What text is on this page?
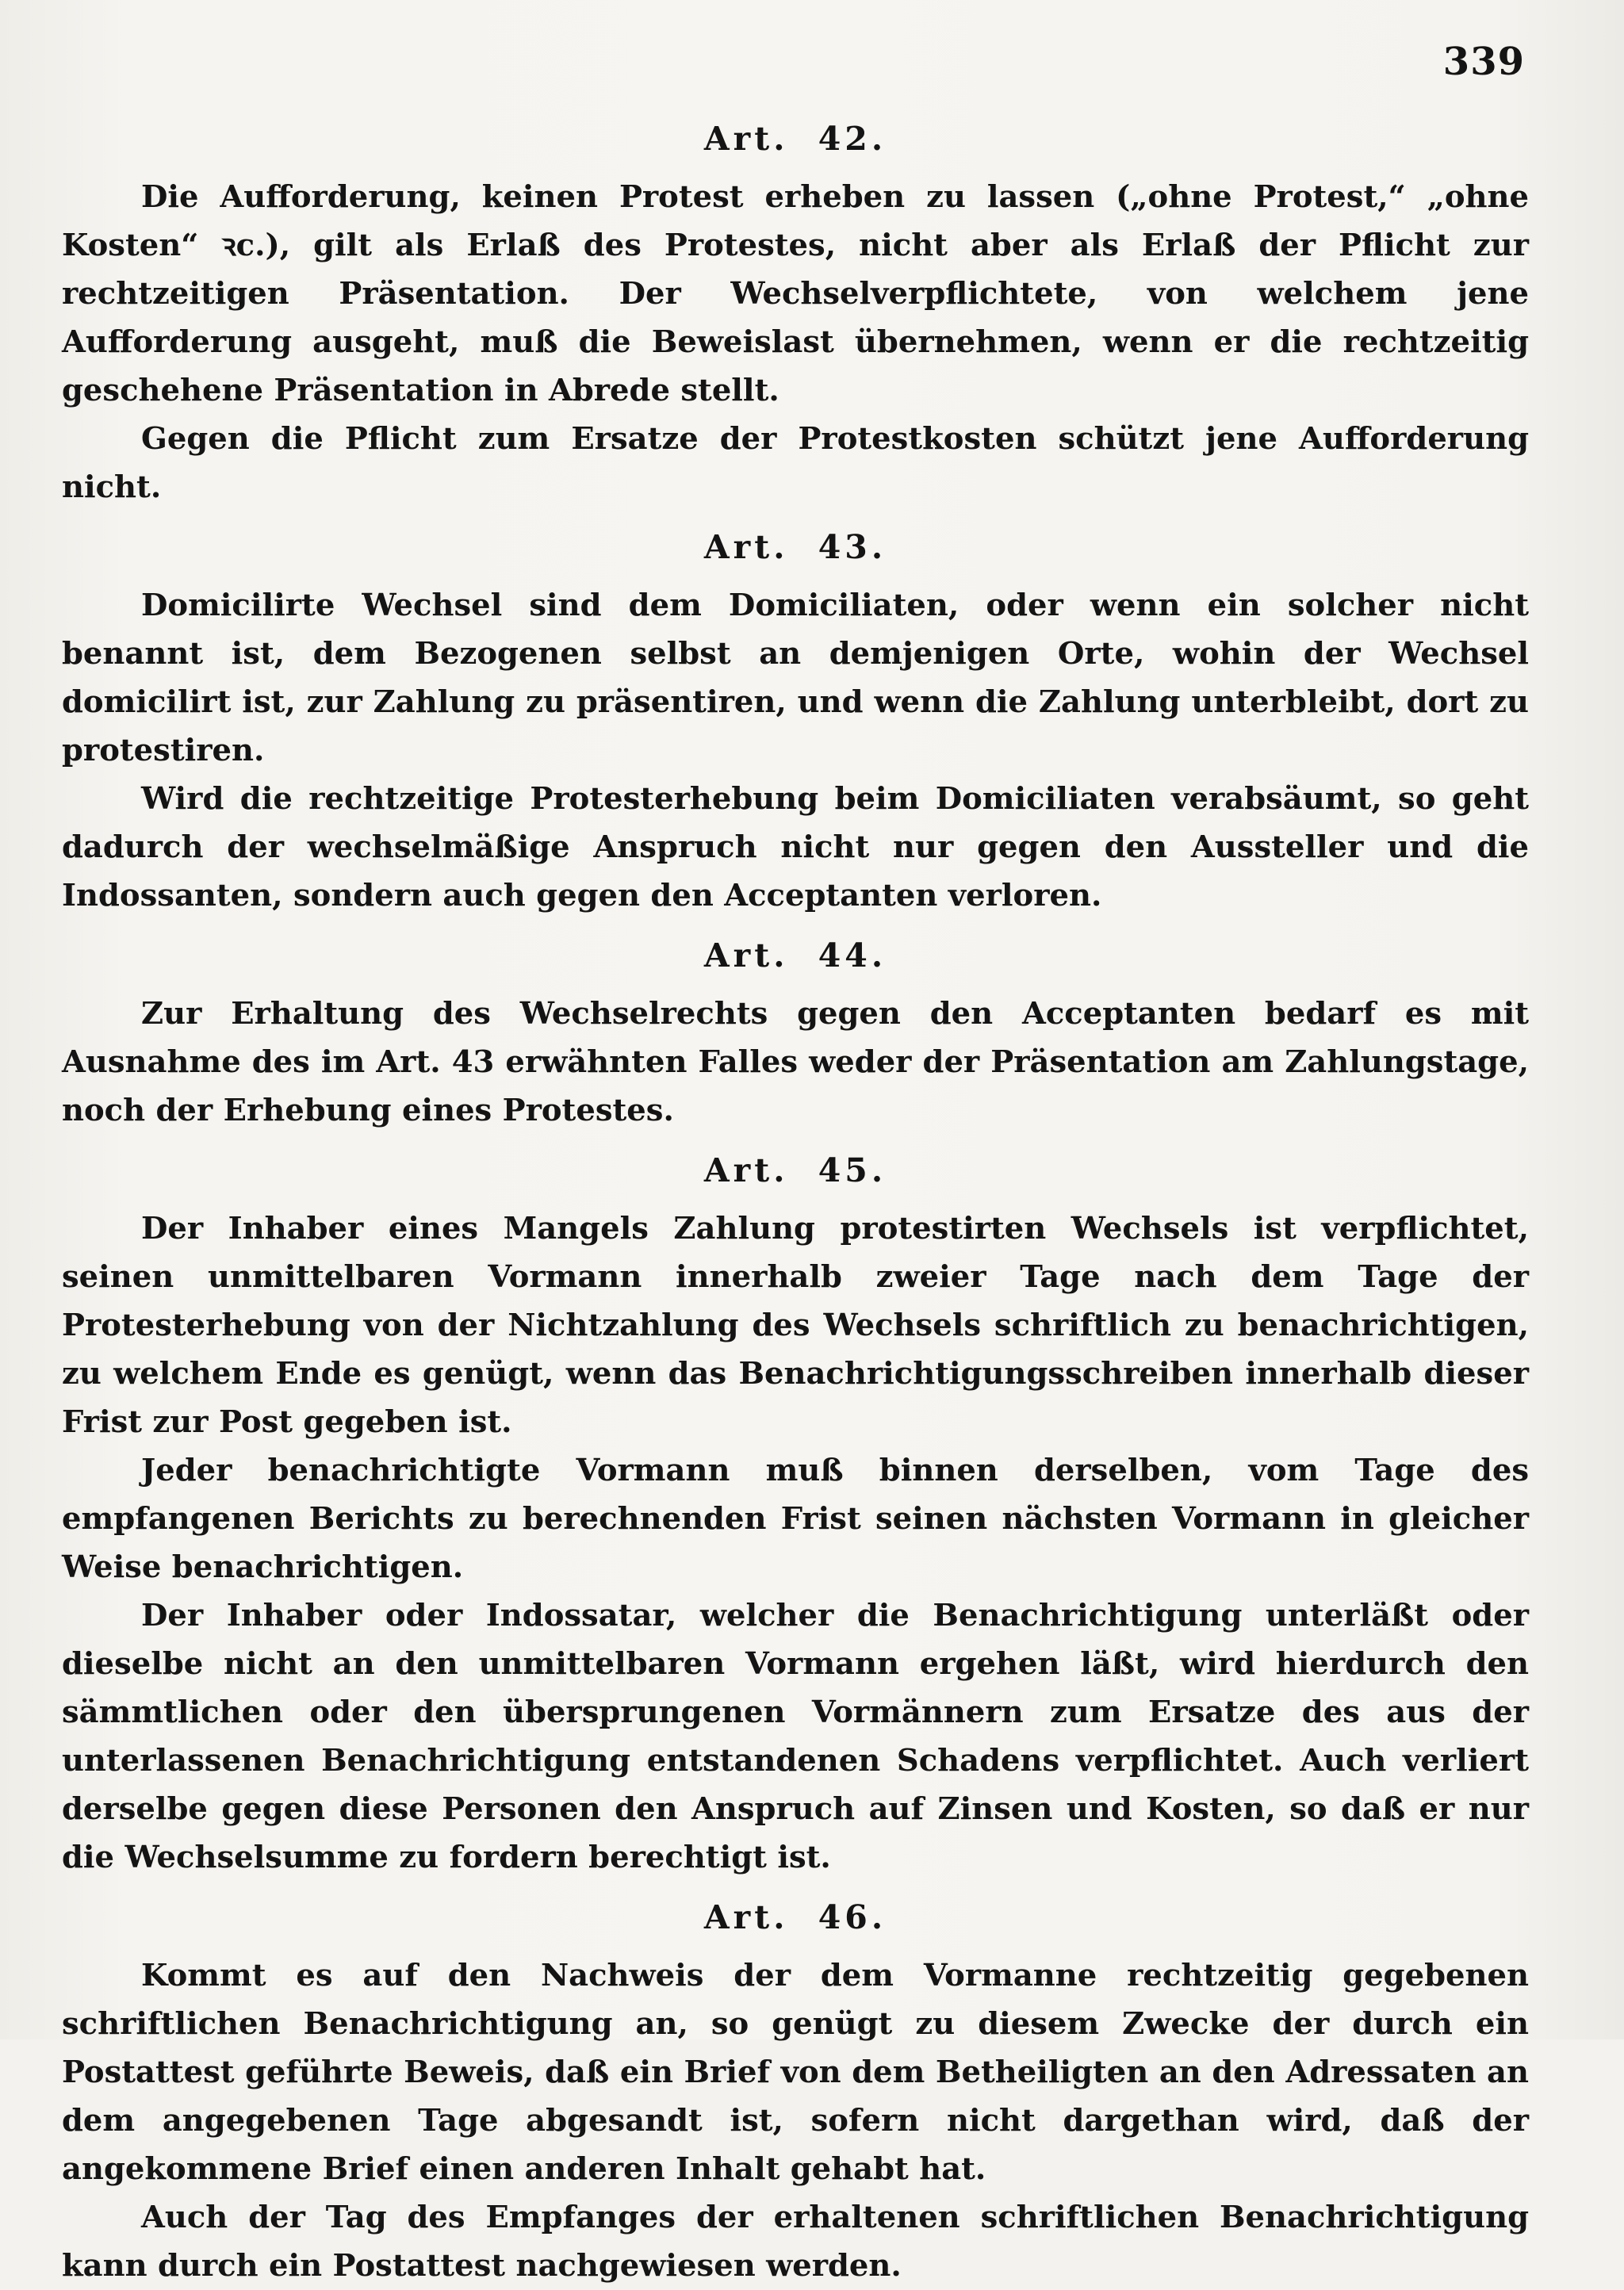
339

Art. 42.

Die Aufforderung, keinen Protest erheben zu lassen („ohne Protest,“ „ohne Kosten“ ꝛc.), gilt als Erlaß des Protestes, nicht aber als Erlaß der Pflicht zur rechtzeitigen Präsentation. Der Wechselverpflichtete, von welchem jene Aufforderung ausgeht, muß die Beweislast übernehmen, wenn er die rechtzeitig geschehene Präsentation in Abrede stellt.

Gegen die Pflicht zum Ersatze der Protestkosten schützt jene Aufforderung nicht.

Art. 43.

Domicilirte Wechsel sind dem Domiciliaten, oder wenn ein solcher nicht benannt ist, dem Bezogenen selbst an demjenigen Orte, wohin der Wechsel domicilirt ist, zur Zahlung zu präsentiren, und wenn die Zahlung unterbleibt, dort zu protestiren.

Wird die rechtzeitige Protesterhebung beim Domiciliaten verabsäumt, so geht dadurch der wechselmäßige Anspruch nicht nur gegen den Aussteller und die Indossanten, sondern auch gegen den Acceptanten verloren.

Art. 44.

Zur Erhaltung des Wechselrechts gegen den Acceptanten bedarf es mit Ausnahme des im Art. 43 erwähnten Falles weder der Präsentation am Zahlungstage, noch der Erhebung eines Protestes.

Art. 45.

Der Inhaber eines Mangels Zahlung protestirten Wechsels ist verpflichtet, seinen unmittelbaren Vormann innerhalb zweier Tage nach dem Tage der Protesterhebung von der Nichtzahlung des Wechsels schriftlich zu benachrichtigen, zu welchem Ende es genügt, wenn das Benachrichtigungsschreiben innerhalb dieser Frist zur Post gegeben ist.

Jeder benachrichtigte Vormann muß binnen derselben, vom Tage des empfangenen Berichts zu berechnenden Frist seinen nächsten Vormann in gleicher Weise benachrichtigen.

Der Inhaber oder Indossatar, welcher die Benachrichtigung unterläßt oder dieselbe nicht an den unmittelbaren Vormann ergehen läßt, wird hierdurch den sämmtlichen oder den übersprungenen Vormännern zum Ersatze des aus der unterlassenen Benachrichtigung entstandenen Schadens verpflichtet. Auch verliert derselbe gegen diese Personen den Anspruch auf Zinsen und Kosten, so daß er nur die Wechselsumme zu fordern berechtigt ist.

Art. 46.

Kommt es auf den Nachweis der dem Vormanne rechtzeitig gegebenen schriftlichen Benachrichtigung an, so genügt zu diesem Zwecke der durch ein Postattest geführte Beweis, daß ein Brief von dem Betheiligten an den Adressaten an dem angegebenen Tage abgesandt ist, sofern nicht dargethan wird, daß der angekommene Brief einen anderen Inhalt gehabt hat.

Auch der Tag des Empfanges der erhaltenen schriftlichen Benachrichtigung kann durch ein Postattest nachgewiesen werden.
